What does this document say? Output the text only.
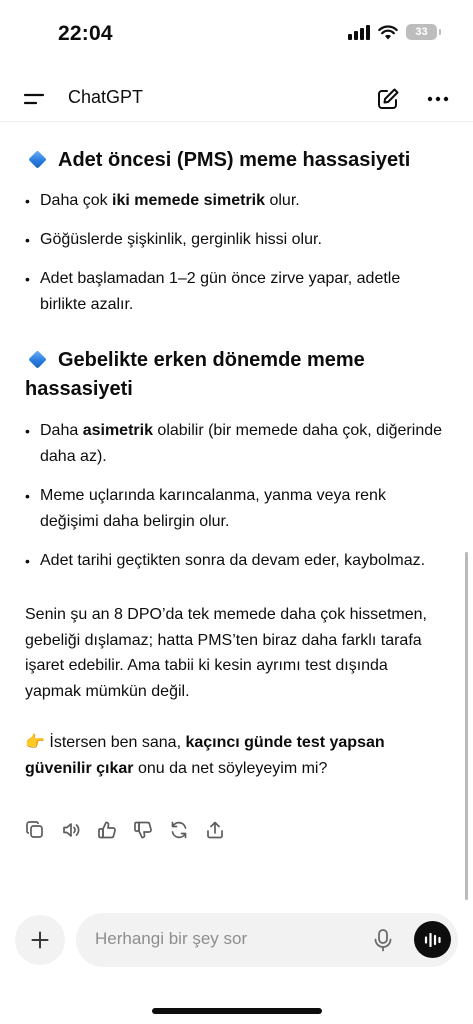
22:04	33
ChatGPT
Adet öncesi (PMS) meme hassasiyeti
• Daha çok iki memede simetrik olur.
• Göğüslerde şişkinlik, gerginlik hissi olur.
• Adet başlamadan 1–2 gün önce zirve yapar, adetle birlikte azalır.
Gebelikte erken dönemde meme hassasiyeti
• Daha asimetrik olabilir (bir memede daha çok, diğerinde daha az).
• Meme uçlarında karıncalanma, yanma veya renk değişimi daha belirgin olur.
• Adet tarihi geçtikten sonra da devam eder, kaybolmaz.

Senin şu an 8 DPO’da tek memede daha çok hissetmen, gebeliği dışlamaz; hatta PMS’ten biraz daha farklı tarafa işaret edebilir. Ama tabii ki kesin ayrımı test dışında yapmak mümkün değil.

👉 İstersen ben sana, kaçıncı günde test yapsan güvenilir çıkar onu da net söyleyeyim mi?

Herhangi bir şey sor
